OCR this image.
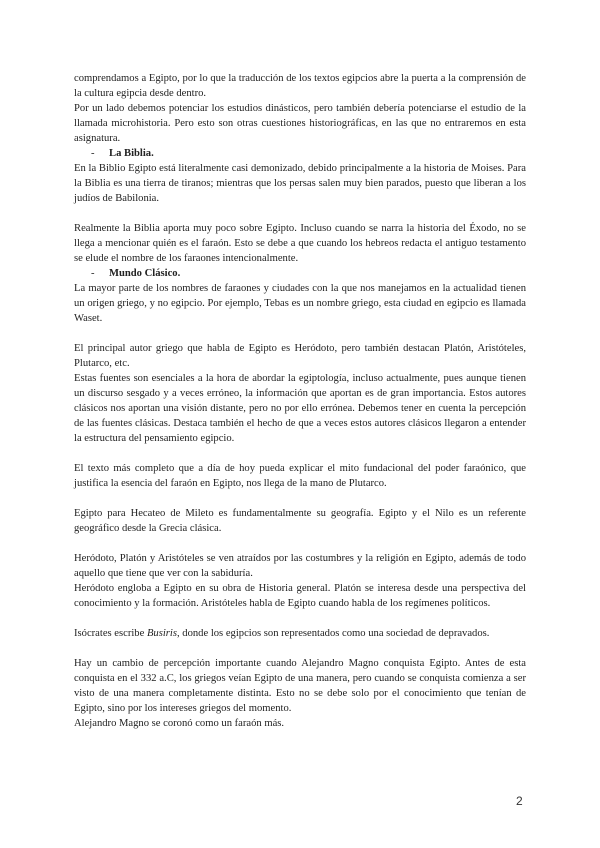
comprendamos a Egipto, por lo que la traducción de los textos egipcios abre la puerta a la comprensión de la cultura egipcia desde dentro.

Por un lado debemos potenciar los estudios dinásticos, pero también debería potenciarse el estudio de la llamada microhistoria. Pero esto son otras cuestiones historiográficas, en las que no entraremos en esta asignatura.

- La Biblia.

En la Biblio Egipto está literalmente casi demonizado, debido principalmente a la historia de Moises. Para la Biblia es una tierra de tiranos; mientras que los persas salen muy bien parados, puesto que liberan a los judíos de Babilonia.

Realmente la Biblia aporta muy poco sobre Egipto. Incluso cuando se narra la historia del Éxodo, no se llega a mencionar quién es el faraón. Esto se debe a que cuando los hebreos redacta el antiguo testamento se elude el nombre de los faraones intencionalmente.

- Mundo Clásico.

La mayor parte de los nombres de faraones y ciudades con la que nos manejamos en la actualidad tienen un origen griego, y no egipcio. Por ejemplo, Tebas es un nombre griego, esta ciudad en egipcio es llamada Waset.

El principal autor griego que habla de Egipto es Heródoto, pero también destacan Platón, Aristóteles, Plutarco, etc.

Estas fuentes son esenciales a la hora de abordar la egiptología, incluso actualmente, pues aunque tienen un discurso sesgado y a veces erróneo, la información que aportan es de gran importancia. Estos autores clásicos nos aportan una visión distante, pero no por ello errónea. Debemos tener en cuenta la percepción de las fuentes clásicas. Destaca también el hecho de que a veces estos autores clásicos llegaron a entender la estructura del pensamiento egipcio.

El texto más completo que a día de hoy pueda explicar el mito fundacional del poder faraónico, que justifica la esencia del faraón en Egipto, nos llega de la mano de Plutarco.

Egipto para Hecateo de Mileto es fundamentalmente su geografía. Egipto y el Nilo es un referente geográfico desde la Grecia clásica.

Heródoto, Platón y Aristóteles se ven atraídos por las costumbres y la religión en Egipto, además de todo aquello que tiene que ver con la sabiduría.

Heródoto engloba a Egipto en su obra de Historia general. Platón se interesa desde una perspectiva del conocimiento y la formación. Aristóteles habla de Egipto cuando habla de los regímenes políticos.

Isócrates escribe Busiris, donde los egipcios son representados como una sociedad de depravados.

Hay un cambio de percepción importante cuando Alejandro Magno conquista Egipto. Antes de esta conquista en el 332 a.C, los griegos veían Egipto de una manera, pero cuando se conquista comienza a ser visto de una manera completamente distinta. Esto no se debe solo por el conocimiento que tenían de Egipto, sino por los intereses griegos del momento.

Alejandro Magno se coronó como un faraón más.

2
